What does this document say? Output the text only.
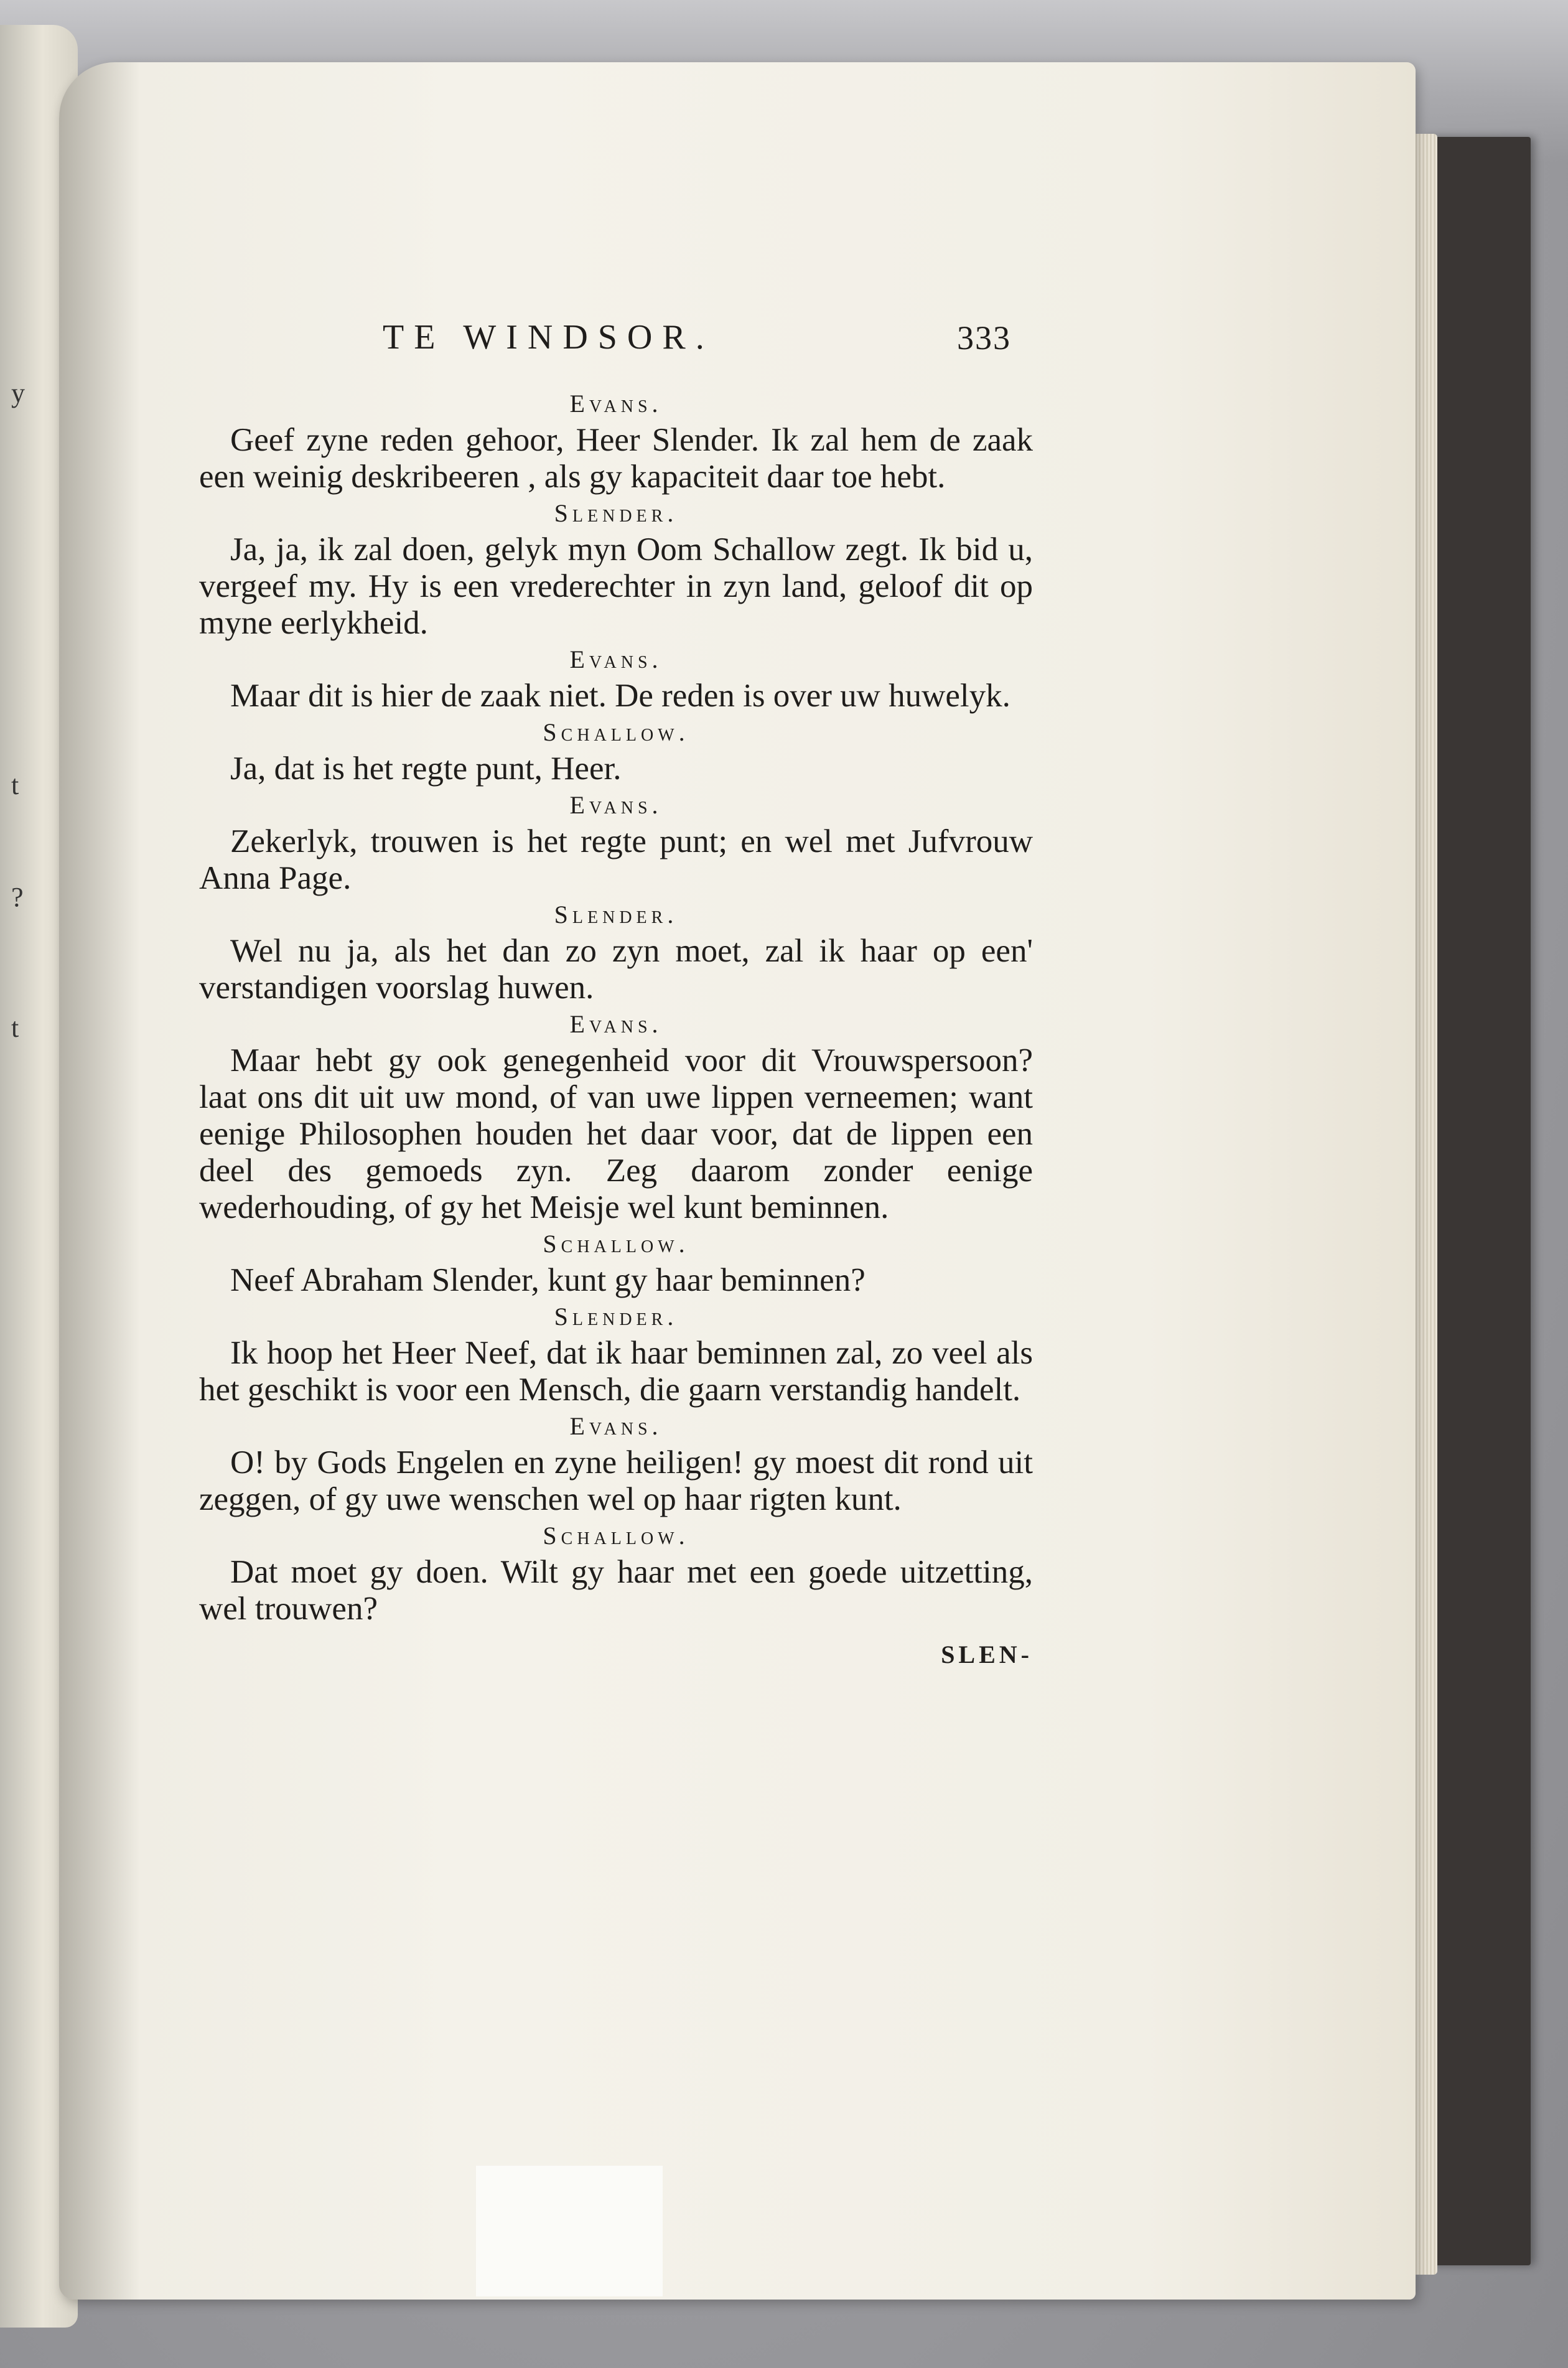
y
t
?
t
TE WINDSOR.	333
Evans.

Geef zyne reden gehoor, Heer Slender. Ik zal hem de zaak een weinig deskribeeren , als gy kapaciteit daar toe hebt.

Slender.

Ja, ja, ik zal doen, gelyk myn Oom Schallow zegt. Ik bid u, vergeef my. Hy is een vrederechter in zyn land, geloof dit op myne eerlykheid.

Evans.

Maar dit is hier de zaak niet. De reden is over uw huwelyk.

Schallow.

Ja, dat is het regte punt, Heer.

Evans.

Zekerlyk, trouwen is het regte punt; en wel met Jufvrouw Anna Page.

Slender.

Wel nu ja, als het dan zo zyn moet, zal ik haar op een' verstandigen voorslag huwen.

Evans.

Maar hebt gy ook genegenheid voor dit Vrouwspersoon? laat ons dit uit uw mond, of van uwe lippen verneemen; want eenige Philosophen houden het daar voor, dat de lippen een deel des gemoeds zyn. Zeg daarom zonder eenige wederhouding, of gy het Meisje wel kunt beminnen.

Schallow.

Neef Abraham Slender, kunt gy haar beminnen?

Slender.

Ik hoop het Heer Neef, dat ik haar beminnen zal, zo veel als het geschikt is voor een Mensch, die gaarn verstandig handelt.

Evans.

O! by Gods Engelen en zyne heiligen! gy moest dit rond uit zeggen, of gy uwe wenschen wel op haar rigten kunt.

Schallow.

Dat moet gy doen. Wilt gy haar met een goede uitzetting, wel trouwen?

SLEN-
